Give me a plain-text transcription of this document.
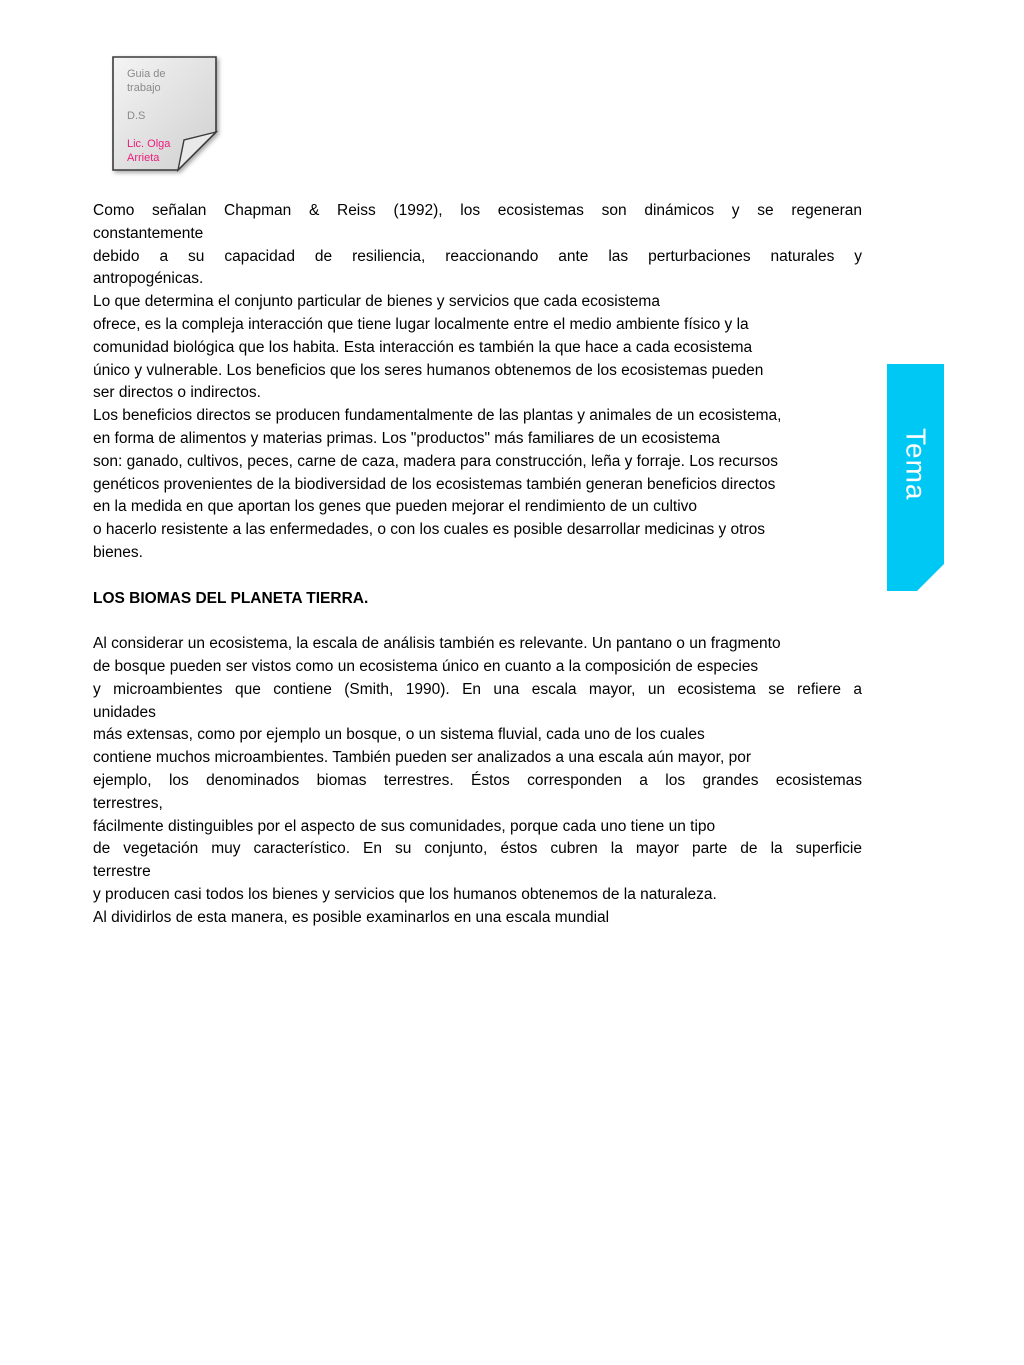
Guia de
trabajo
D.S
Lic. Olga
Arrieta
Tema

Como señalan Chapman & Reiss (1992), los ecosistemas son dinámicos y se regeneran

constantemente

debido a su capacidad de resiliencia, reaccionando ante las perturbaciones naturales y

antropogénicas.

Lo que determina el conjunto particular de bienes y servicios que cada ecosistema

ofrece, es la compleja interacción que tiene lugar localmente entre el medio ambiente físico y la

comunidad biológica que los habita. Esta interacción es también la que hace a cada ecosistema

único y vulnerable. Los beneficios que los seres humanos obtenemos de los ecosistemas pueden

ser directos o indirectos.

Los beneficios directos se producen fundamentalmente de las plantas y animales de un ecosistema,

en forma de alimentos y materias primas. Los "productos" más familiares de un ecosistema

son: ganado, cultivos, peces, carne de caza, madera para construcción, leña y forraje. Los recursos

genéticos provenientes de la biodiversidad de los ecosistemas también generan beneficios directos

en la medida en que aportan los genes que pueden mejorar el rendimiento de un cultivo

o hacerlo resistente a las enfermedades, o con los cuales es posible desarrollar medicinas y otros

bienes.

LOS BIOMAS DEL PLANETA TIERRA.

Al considerar un ecosistema, la escala de análisis también es relevante. Un pantano o un fragmento

de bosque pueden ser vistos como un ecosistema único en cuanto a la composición de especies

y microambientes que contiene (Smith, 1990). En una escala mayor, un ecosistema se refiere a

unidades

más extensas, como por ejemplo un bosque, o un sistema fluvial, cada uno de los cuales

contiene muchos microambientes. También pueden ser analizados a una escala aún mayor, por

ejemplo, los denominados biomas terrestres. Éstos corresponden a los grandes ecosistemas

terrestres,

fácilmente distinguibles por el aspecto de sus comunidades, porque cada uno tiene un tipo

de vegetación muy característico. En su conjunto, éstos cubren la mayor parte de la superficie

terrestre

y producen casi todos los bienes y servicios que los humanos obtenemos de la naturaleza.

Al dividirlos de esta manera, es posible examinarlos en una escala mundial
